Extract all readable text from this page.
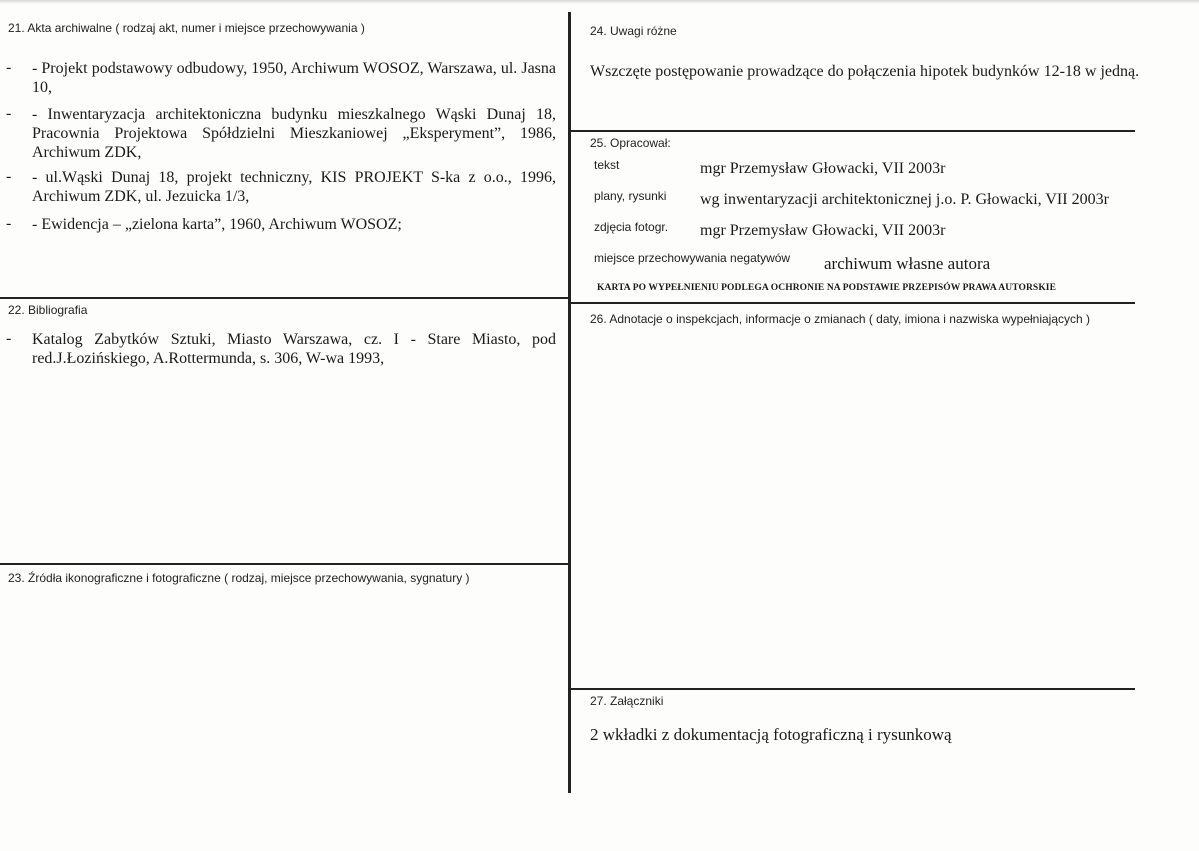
21. Akta archiwalne ( rodzaj akt, numer i miejsce przechowywania )
- - Projekt podstawowy odbudowy, 1950, Archiwum WOSOZ, Warszawa, ul. Jasna 10,
- - Inwentaryzacja architektoniczna budynku mieszkalnego Wąski Dunaj 18, Pracownia Projektowa Spółdzielni Mieszkaniowej „Eksperyment”, 1986, Archiwum ZDK,
- - ul.Wąski Dunaj 18, projekt techniczny, KIS PROJEKT S-ka z o.o., 1996, Archiwum ZDK, ul. Jezuicka 1/3,
- - Ewidencja – „zielona karta”, 1960, Archiwum WOSOZ;
22. Bibliografia
- Katalog Zabytków Sztuki, Miasto Warszawa, cz. I - Stare Miasto, pod red.J.Łozińskiego, A.Rottermunda, s. 306, W-wa 1993,
23. Źródła ikonograficzne i fotograficzne ( rodzaj, miejsce przechowywania, sygnatury )
24. Uwagi różne
Wszczęte postępowanie prowadzące do połączenia hipotek budynków 12-18 w jedną.
25. Opracował:
tekst	mgr Przemysław Głowacki, VII 2003r
plany, rysunki wg inwentaryzacji architektonicznej j.o. P. Głowacki, VII 2003r
zdjęcia fotogr. mgr Przemysław Głowacki, VII 2003r
miejsce przechowywania negatywów archiwum własne autora
KARTA PO WYPEŁNIENIU PODLEGA OCHRONIE NA PODSTAWIE PRZEPISÓW PRAWA AUTORSKIE
26. Adnotacje o inspekcjach, informacje o zmianach ( daty, imiona i nazwiska wypełniających )
27. Załączniki
2 wkładki z dokumentacją fotograficzną i rysunkową
